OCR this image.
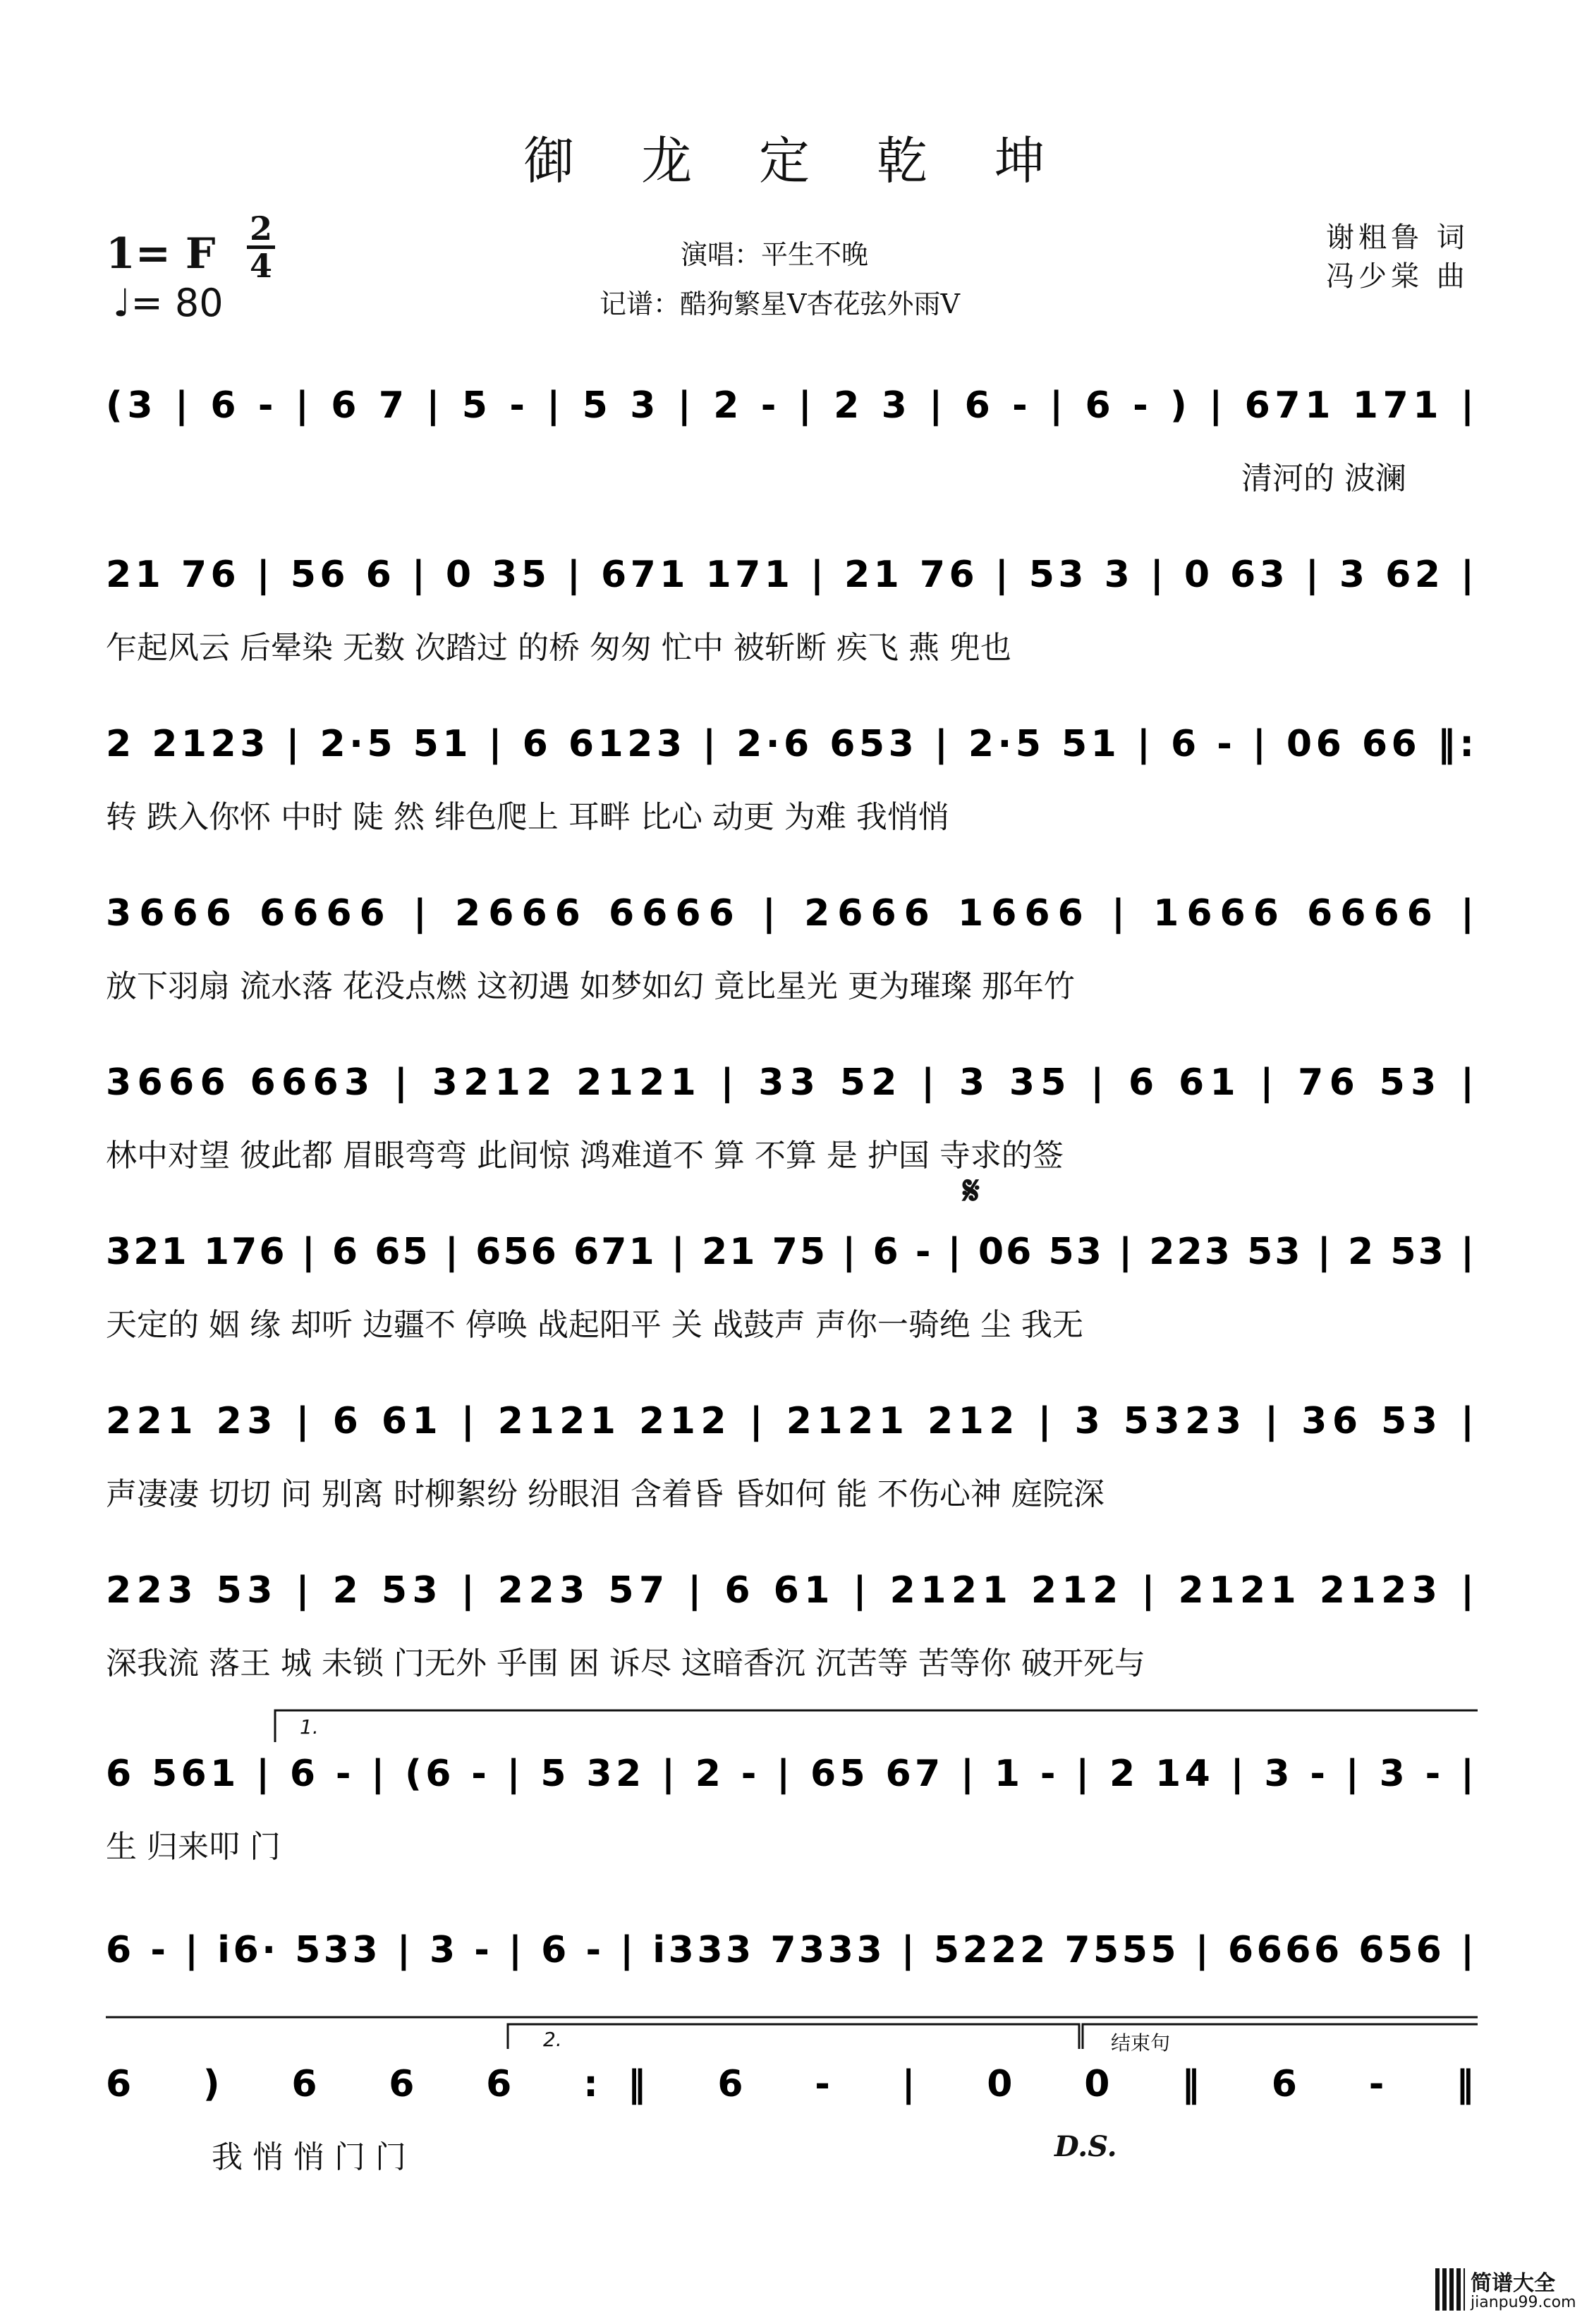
御 龙 定 乾 坤
1= F
2
4
♩= 80
演唱：平生不晚
记谱：酷狗繁星V杏花弦外雨V
谢粗鲁 词
冯少棠 曲
(3 | 6 - | 6 7 | 5 - | 5 3 | 2 - | 2 3 | 6 - | 6 - ) | 671 171 |
清河的 波澜
21 76 | 56 6 | 0 35 | 671 171 | 21 76 | 53 3 | 0 63 | 3 62 |
乍起风云 后晕染 无数 次踏过 的桥 匆匆 忙中 被斩断 疾飞 燕 兜也
2 2123 | 2·5 51 | 6 6123 | 2·6 653 | 2·5 51 | 6 - | 06 66 ‖:
转 跌入你怀 中时 陡 然 绯色爬上 耳畔 比心 动更 为难 我悄悄
3666 6666 | 2666 6666 | 2666 1666 | 1666 6666 |
放下羽扇 流水落 花没点燃 这初遇 如梦如幻 竟比星光 更为璀璨 那年竹
3666 6663 | 3212 2121 | 33 52 | 3 35 | 6 61 | 76 53 |
林中对望 彼此都 眉眼弯弯 此间惊 鸿难道不 算 不算 是 护国 寺求的签
321 176 | 6 65 | 656 671 | 21 75 | 6 - | 06 53 | 223 53 | 2 53 |
天定的 姻 缘 却听 边疆不 停唤 战起阳平 关 战鼓声 声你一骑绝 尘 我无
221 23 | 6 61 | 2121 212 | 2121 212 | 3 5323 | 36 53 |
声凄凄 切切 问 别离 时柳絮纷 纷眼泪 含着昏 昏如何 能 不伤心神 庭院深
223 53 | 2 53 | 223 57 | 6 61 | 2121 212 | 2121 2123 |
深我流 落王 城 未锁 门无外 乎围 困 诉尽 这暗香沉 沉苦等 苦等你 破开死与
6 561 | 6 - | (6 - | 5 32 | 2 - | 65 67 | 1 - | 2 14 | 3 - | 3 - |
生 归来叩 门
6 - | i6· 533 | 3 - | 6 - | i333 7333 | 5222 7555 | 6666 656 |
6 ) 6 6 6 :‖ 6 - | 0 0 ‖ 6 - ‖
我 悄 悄 门 门
𝄋
D.S.
1.
2.	结束句
简谱大全
jianpu99.com
